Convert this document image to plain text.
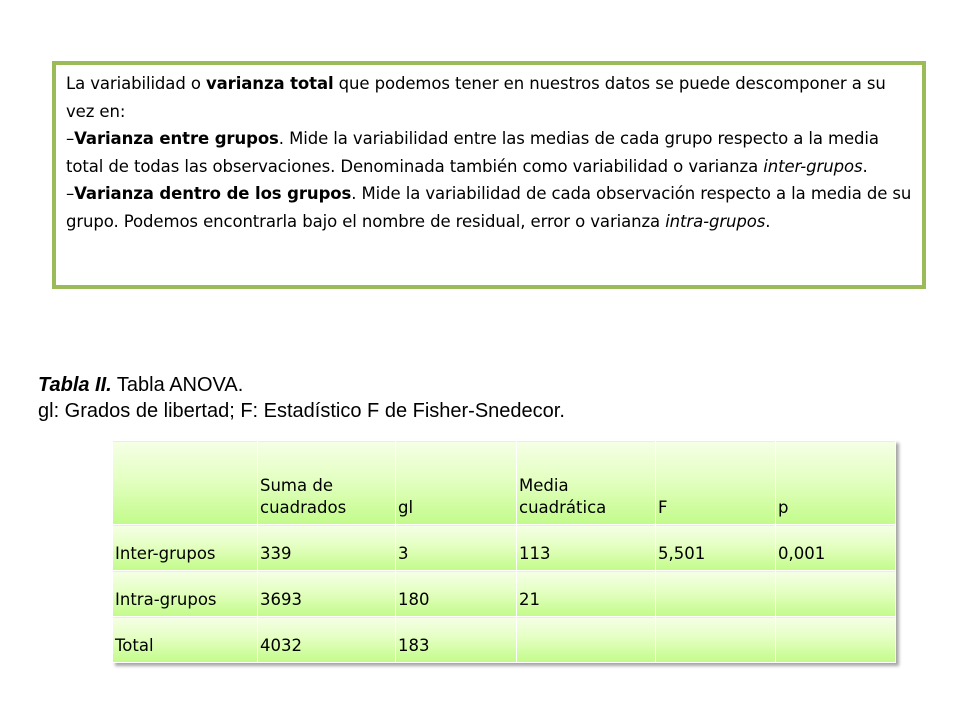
La variabilidad o varianza total que podemos tener en nuestros datos se puede descomponer a su vez en:

–Varianza entre grupos. Mide la variabilidad entre las medias de cada grupo respecto a la media total de todas las observaciones. Denominada también como variabilidad o varianza inter-grupos.

–Varianza dentro de los grupos. Mide la variabilidad de cada observación respecto a la media de su grupo. Podemos encontrarla bajo el nombre de residual, error o varianza intra-grupos.

Tabla II. Tabla ANOVA.
gl: Grados de libertad; F: Estadístico F de Fisher-Snedecor.
	Suma de cuadrados	gl	Media cuadrática	F	p
Inter-grupos	339	3	113	5,501	0,001
Intra-grupos	3693	180	21		
Total	4032	183			
